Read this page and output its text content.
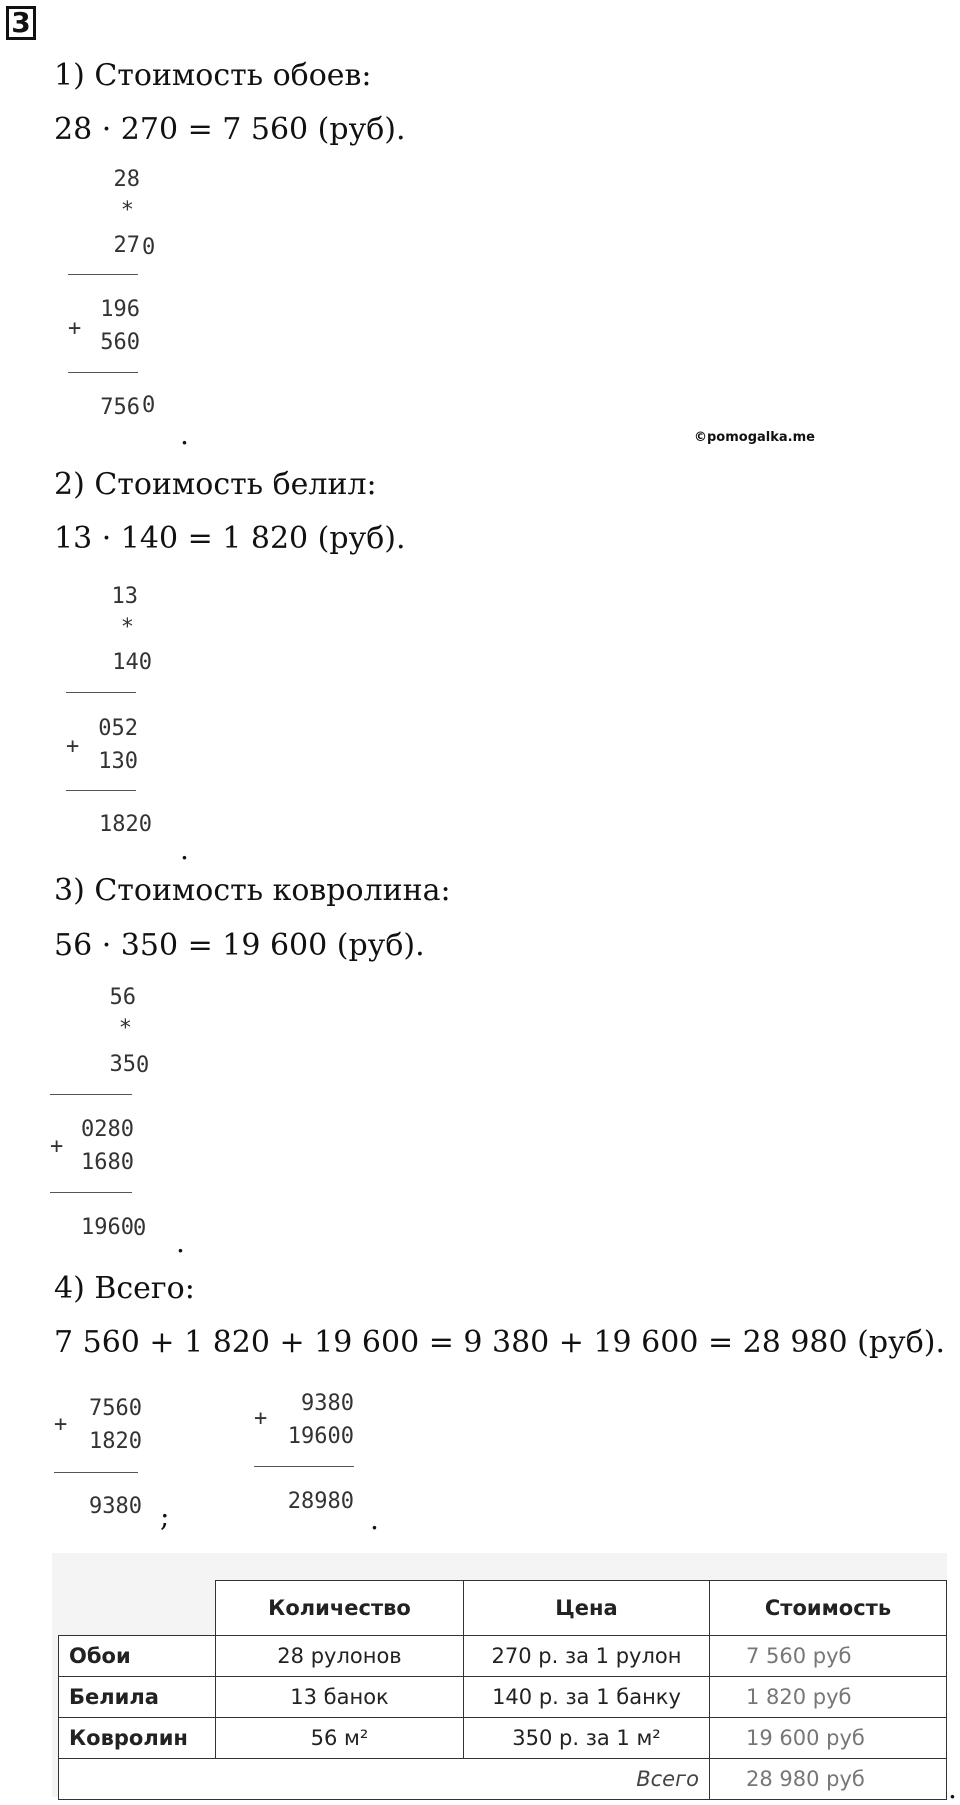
3
1) Стоимость обоев:
28 · 270 = 7 560 (руб).
28
*
27 0
+
196
560
756 0
.	©pomogalka.me
2) Стоимость белил:
13 · 140 = 1 820 (руб).
13
*
140
+
052
130
1820
.
3) Стоимость ковролина:
56 · 350 = 19 600 (руб).
56
*
35 0
+
0280
1680
1960 0 .
4) Всего:
7 560 + 1 820 + 19 600 = 9 380 + 19 600 = 28 980 (руб).
+
7560
1820
9380 ;
+
9380
19600
28980
.
	Количество	Цена	Стоимость
Обои	28 рулонов	270 р. за 1 рулон	7 560 руб
Белила	13 банок	140 р. за 1 банку	1 820 руб
Ковролин	56 м²	350 р. за 1 м²	19 600 руб
Всего			28 980 руб	.
